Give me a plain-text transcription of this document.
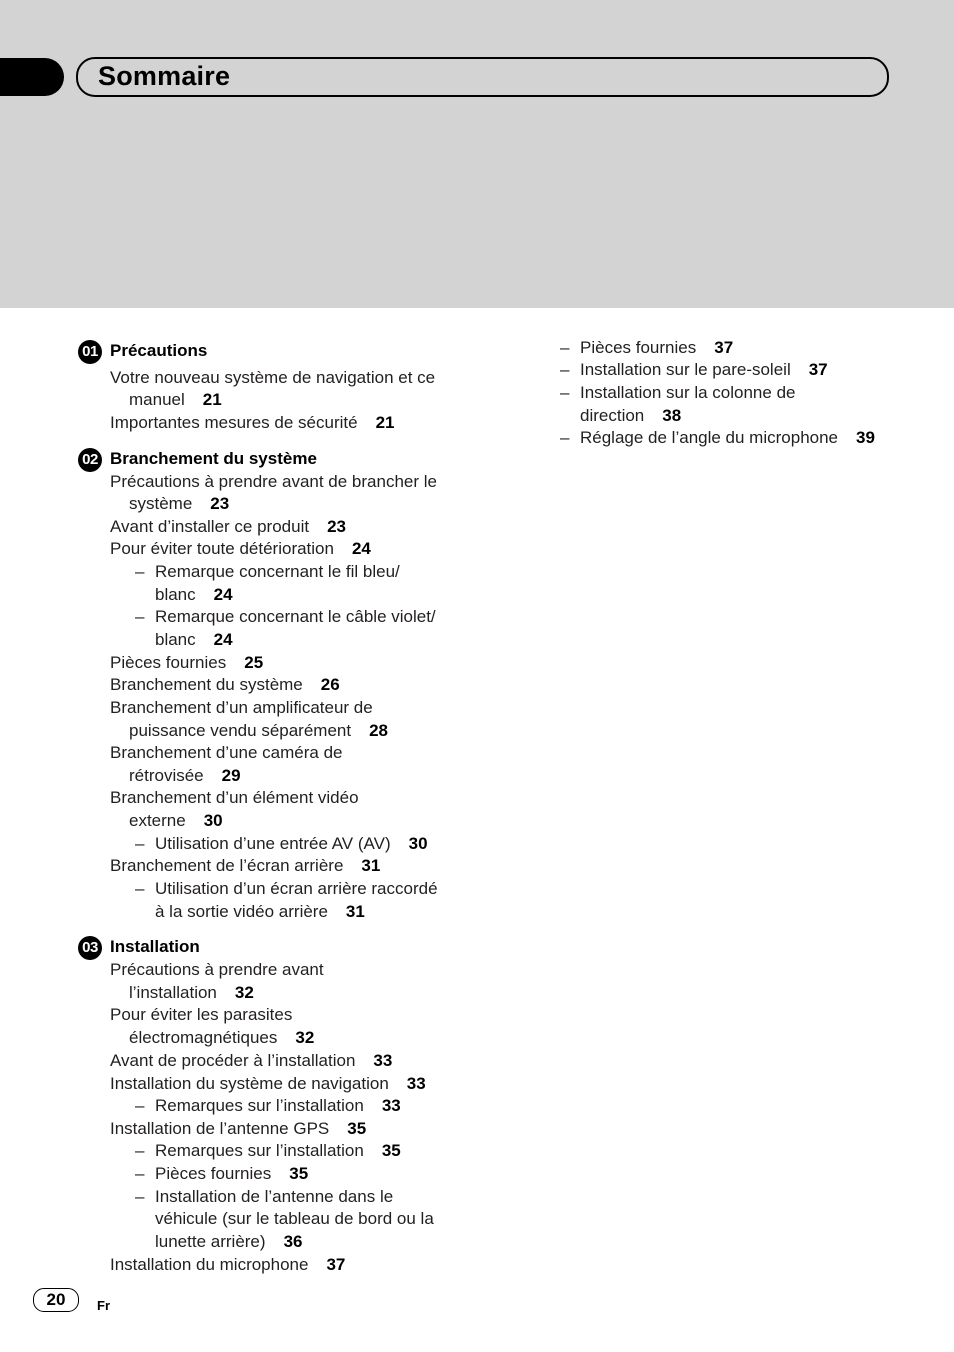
Sommaire
01 Précautions
Votre nouveau système de navigation et ce
manuel 21
Importantes mesures de sécurité 21
02 Branchement du système
Précautions à prendre avant de brancher le
système 23
Avant d’installer ce produit 23
Pour éviter toute détérioration 24
– Remarque concernant le fil bleu/
blanc 24
– Remarque concernant le câble violet/
blanc 24
Pièces fournies 25
Branchement du système 26
Branchement d’un amplificateur de
puissance vendu séparément 28
Branchement d’une caméra de
rétrovisée 29
Branchement d’un élément vidéo
externe 30
– Utilisation d’une entrée AV (AV) 30
Branchement de l’écran arrière 31
– Utilisation d’un écran arrière raccordé
à la sortie vidéo arrière 31
03 Installation
Précautions à prendre avant
l’installation 32
Pour éviter les parasites
électromagnétiques 32
Avant de procéder à l’installation 33
Installation du système de navigation 33
– Remarques sur l’installation 33
Installation de l’antenne GPS 35
– Remarques sur l’installation 35
– Pièces fournies 35
– Installation de l’antenne dans le
véhicule (sur le tableau de bord ou la
lunette arrière) 36
Installation du microphone 37
– Pièces fournies 37
– Installation sur le pare-soleil 37
– Installation sur la colonne de
direction 38
– Réglage de l’angle du microphone 39
20	Fr
